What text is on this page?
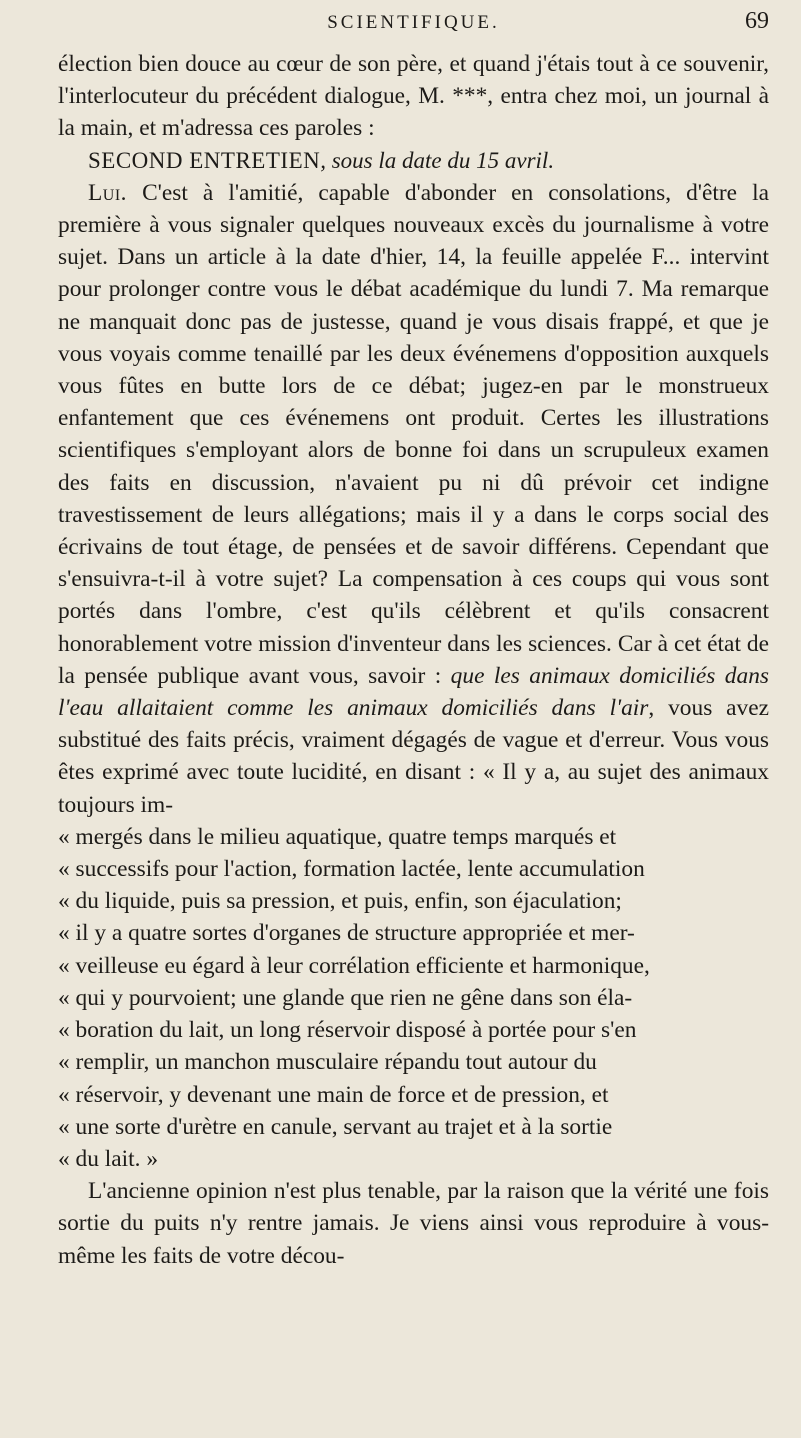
SCIENTIFIQUE.	69

élection bien douce au cœur de son père, et quand j'étais tout à ce souvenir, l'interlocuteur du précédent dialogue, M. ***, entra chez moi, un journal à la main, et m'adressa ces paroles :

SECOND ENTRETIEN, sous la date du 15 avril.

Lui. C'est à l'amitié, capable d'abonder en consolations, d'être la première à vous signaler quelques nouveaux excès du journalisme à votre sujet. Dans un article à la date d'hier, 14, la feuille appelée F... intervint pour prolonger contre vous le débat académique du lundi 7. Ma remarque ne manquait donc pas de justesse, quand je vous disais frappé, et que je vous voyais comme tenaillé par les deux événemens d'opposition auxquels vous fûtes en butte lors de ce débat; jugez-en par le monstrueux enfantement que ces événemens ont produit. Certes les illustrations scientifiques s'employant alors de bonne foi dans un scrupuleux examen des faits en discussion, n'avaient pu ni dû prévoir cet indigne travestissement de leurs allégations; mais il y a dans le corps social des écrivains de tout étage, de pensées et de savoir différens. Cependant que s'ensuivra-t-il à votre sujet? La compensation à ces coups qui vous sont portés dans l'ombre, c'est qu'ils célèbrent et qu'ils consacrent honorablement votre mission d'inventeur dans les sciences. Car à cet état de la pensée publique avant vous, savoir : que les animaux domiciliés dans l'eau allaitaient comme les animaux domiciliés dans l'air, vous avez substitué des faits précis, vraiment dégagés de vague et d'erreur. Vous vous êtes exprimé avec toute lucidité, en disant : « Il y a, au sujet des animaux toujours im-

« mergés dans le milieu aquatique, quatre temps marqués et
« successifs pour l'action, formation lactée, lente accumulation
« du liquide, puis sa pression, et puis, enfin, son éjaculation;
« il y a quatre sortes d'organes de structure appropriée et mer-
« veilleuse eu égard à leur corrélation efficiente et harmonique,
« qui y pourvoient; une glande que rien ne gêne dans son éla-
« boration du lait, un long réservoir disposé à portée pour s'en
« remplir, un manchon musculaire répandu tout autour du
« réservoir, y devenant une main de force et de pression, et
« une sorte d'urètre en canule, servant au trajet et à la sortie
« du lait. »

L'ancienne opinion n'est plus tenable, par la raison que la vérité une fois sortie du puits n'y rentre jamais. Je viens ainsi vous reproduire à vous-même les faits de votre décou-
